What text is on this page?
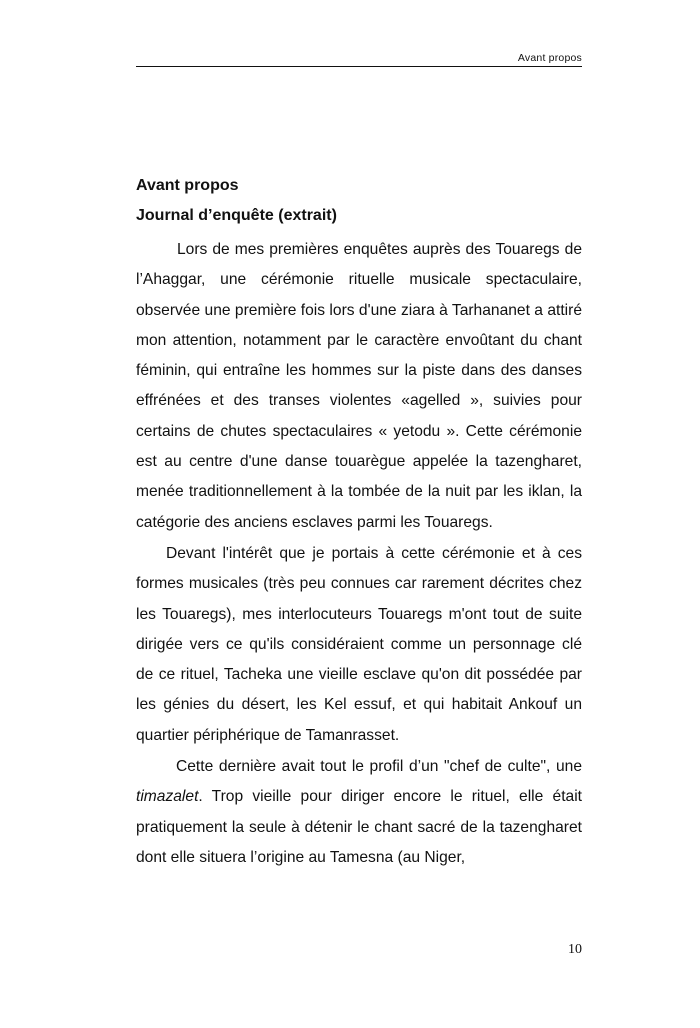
Avant propos
Avant propos
Journal d’enquête (extrait)

Lors de mes premières enquêtes auprès des Touaregs de l’Ahaggar, une cérémonie rituelle musicale spectaculaire, observée une première fois lors d'une ziara à Tarhananet a attiré mon attention, notamment par le caractère envoûtant du chant féminin, qui entraîne les hommes sur la piste dans des danses effrénées et des transes violentes «agelled », suivies pour certains de chutes spectaculaires « yetodu ». Cette cérémonie est au centre d'une danse touarègue appelée la tazengharet, menée traditionnellement à la tombée de la nuit par les iklan, la catégorie des anciens esclaves parmi les Touaregs.

Devant l'intérêt que je portais à cette cérémonie et à ces formes musicales (très peu connues car rarement décrites chez les Touaregs), mes interlocuteurs Touaregs m'ont tout de suite dirigée vers ce qu'ils considéraient comme un personnage clé de ce rituel, Tacheka une vieille esclave qu'on dit possédée par les génies du désert, les Kel essuf, et qui habitait Ankouf un quartier périphérique de Tamanrasset.

Cette dernière avait tout le profil d’un "chef de culte", une timazalet. Trop vieille pour diriger encore le rituel, elle était pratiquement la seule à détenir le chant sacré de la tazengharet dont elle situera l’origine au Tamesna (au Niger,

10
